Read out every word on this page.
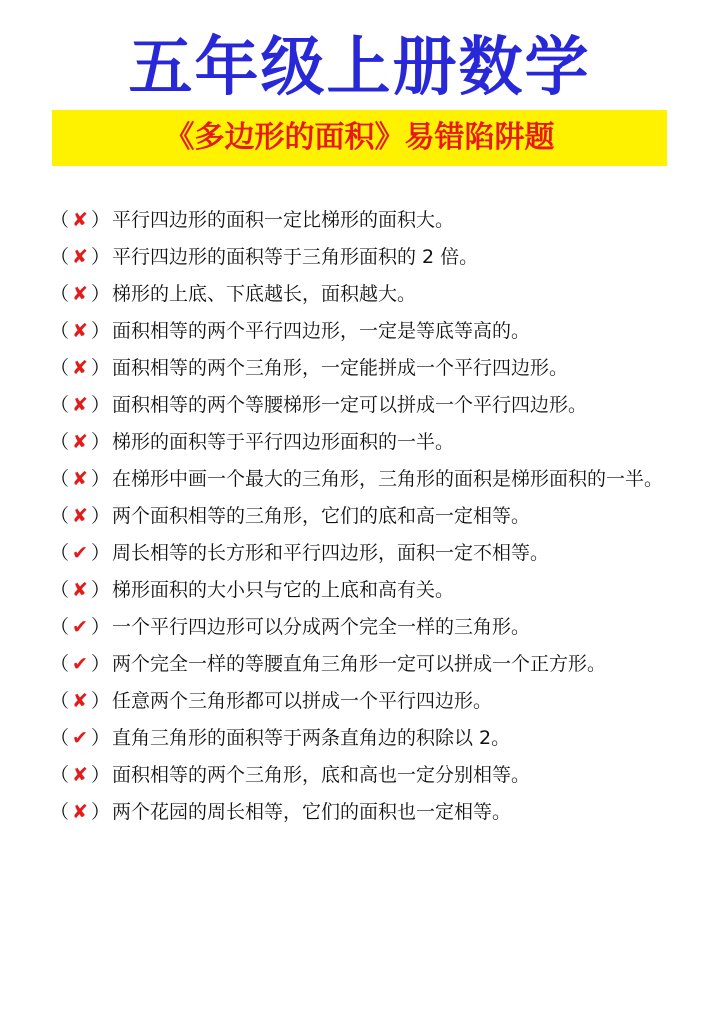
五年级上册数学
《多边形的面积》易错陷阱题
（ ✘ ） 平行四边形的面积一定比梯形的面积大。
（ ✘ ） 平行四边形的面积等于三角形面积的 2 倍。
（ ✘ ） 梯形的上底、下底越长，面积越大。
（ ✘ ） 面积相等的两个平行四边形，一定是等底等高的。
（ ✘ ） 面积相等的两个三角形，一定能拼成一个平行四边形。
（ ✘ ） 面积相等的两个等腰梯形一定可以拼成一个平行四边形。
（ ✘ ） 梯形的面积等于平行四边形面积的一半。
（ ✘ ） 在梯形中画一个最大的三角形，三角形的面积是梯形面积的一半。
（ ✘ ） 两个面积相等的三角形，它们的底和高一定相等。
（ ✔ ） 周长相等的长方形和平行四边形，面积一定不相等。
（ ✘ ） 梯形面积的大小只与它的上底和高有关。
（ ✔ ） 一个平行四边形可以分成两个完全一样的三角形。
（ ✔ ） 两个完全一样的等腰直角三角形一定可以拼成一个正方形。
（ ✘ ） 任意两个三角形都可以拼成一个平行四边形。
（ ✔ ） 直角三角形的面积等于两条直角边的积除以 2。
（ ✘ ） 面积相等的两个三角形，底和高也一定分别相等。
（ ✘ ） 两个花园的周长相等，它们的面积也一定相等。
